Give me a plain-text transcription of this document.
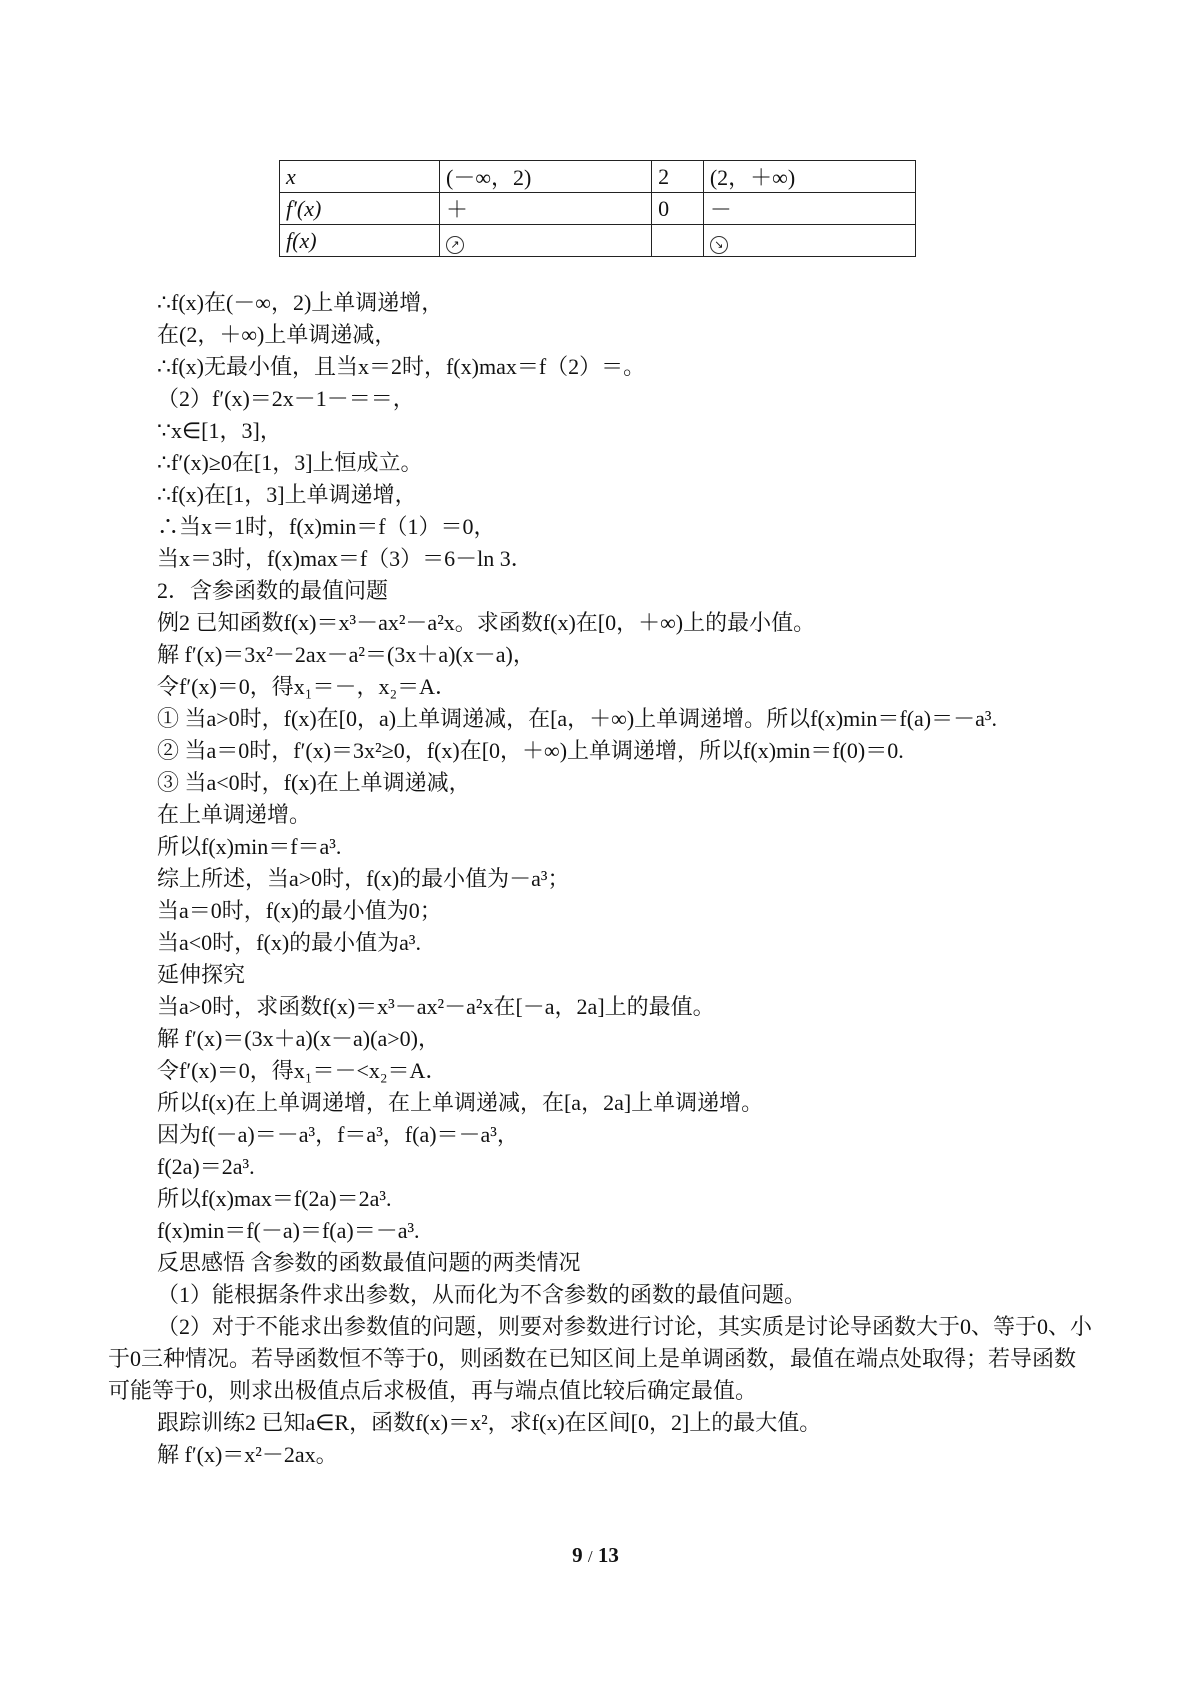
x	(－∞，2)	2	(2，＋∞)
f′(x)	＋	0	－
f(x)	↗		↘

∴f(x)在(－∞，2)上单调递增，

在(2，＋∞)上单调递减，

∴f(x)无最小值，且当x＝2时，f(x)max＝f（2）＝。

（2）f′(x)＝2x－1－＝＝，

∵x∈[1，3]，

∴f′(x)≥0在[1，3]上恒成立。

∴f(x)在[1，3]上单调递增，

∴当x＝1时，f(x)min＝f（1）＝0，

当x＝3时，f(x)max＝f（3）＝6－ln 3．

2．含参函数的最值问题

例2 已知函数f(x)＝x³－ax²－a²x。求函数f(x)在[0，＋∞)上的最小值。

解 f′(x)＝3x²－2ax－a²＝(3x＋a)(x－a)，

令f′(x)＝0，得x₁＝－，x₂＝A．

① 当a>0时，f(x)在[0，a)上单调递减，在[a，＋∞)上单调递增。所以f(x)min＝f(a)＝－a³.

② 当a＝0时，f′(x)＝3x²≥0，f(x)在[0，＋∞)上单调递增，所以f(x)min＝f(0)＝0.

③ 当a<0时，f(x)在上单调递减，

在上单调递增。

所以f(x)min＝f＝a³.

综上所述，当a>0时，f(x)的最小值为－a³；

当a＝0时，f(x)的最小值为0；

当a<0时，f(x)的最小值为a³.

延伸探究

当a>0时，求函数f(x)＝x³－ax²－a²x在[－a，2a]上的最值。

解 f′(x)＝(3x＋a)(x－a)(a>0)，

令f′(x)＝0，得x₁＝－<x₂＝A．

所以f(x)在上单调递增，在上单调递减，在[a，2a]上单调递增。

因为f(－a)＝－a³，f＝a³，f(a)＝－a³，

f(2a)＝2a³.

所以f(x)max＝f(2a)＝2a³.

f(x)min＝f(－a)＝f(a)＝－a³.

反思感悟 含参数的函数最值问题的两类情况

（1）能根据条件求出参数，从而化为不含参数的函数的最值问题。

（2）对于不能求出参数值的问题，则要对参数进行讨论，其实质是讨论导函数大于0、等于0、小于0三种情况。若导函数恒不等于0，则函数在已知区间上是单调函数，最值在端点处取得；若导函数可能等于0，则求出极值点后求极值，再与端点值比较后确定最值。

跟踪训练2 已知a∈R，函数f(x)＝x²，求f(x)在区间[0，2]上的最大值。

解 f′(x)＝x²－2ax。

9 / 13
